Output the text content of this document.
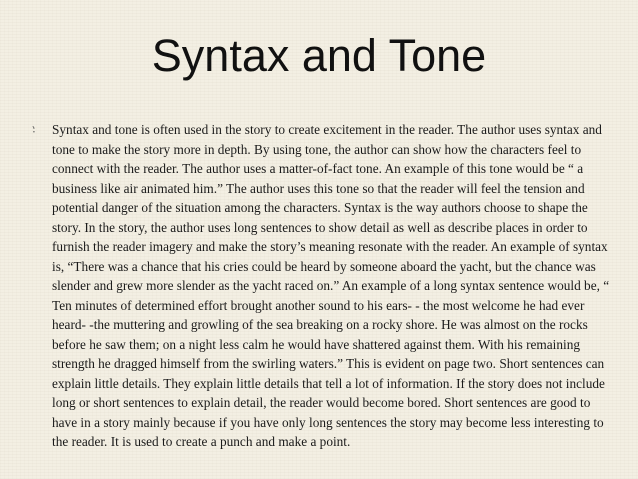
Syntax and Tone
⁏ Syntax and tone is often used in the story to create excitement in the reader. The author uses syntax and
tone to make the story more in depth. By using tone, the author can show how the characters feel to
connect with the reader. The author uses a matter-of-fact tone. An example of this tone would be “ a
business like air animated him.” The author uses this tone so that the reader will feel the tension and
potential danger of the situation among the characters. Syntax is the way authors choose to shape the
story. In the story, the author uses long sentences to show detail as well as describe places in order to
furnish the reader imagery and make the story’s meaning resonate with the reader. An example of syntax
is, “There was a chance that his cries could be heard by someone aboard the yacht, but the chance was
slender and grew more slender as the yacht raced on.” An example of a long syntax sentence would be, “
Ten minutes of determined effort brought another sound to his ears- - the most welcome he had ever
heard- -the muttering and growling of the sea breaking on a rocky shore. He was almost on the rocks
before he saw them; on a night less calm he would have shattered against them. With his remaining
strength he dragged himself from the swirling waters.” This is evident on page two. Short sentences can
explain little details. They explain little details that tell a lot of information. If the story does not include
long or short sentences to explain detail, the reader would become bored. Short sentences are good to
have in a story mainly because if you have only long sentences the story may become less interesting to
the reader. It is used to create a punch and make a point.
